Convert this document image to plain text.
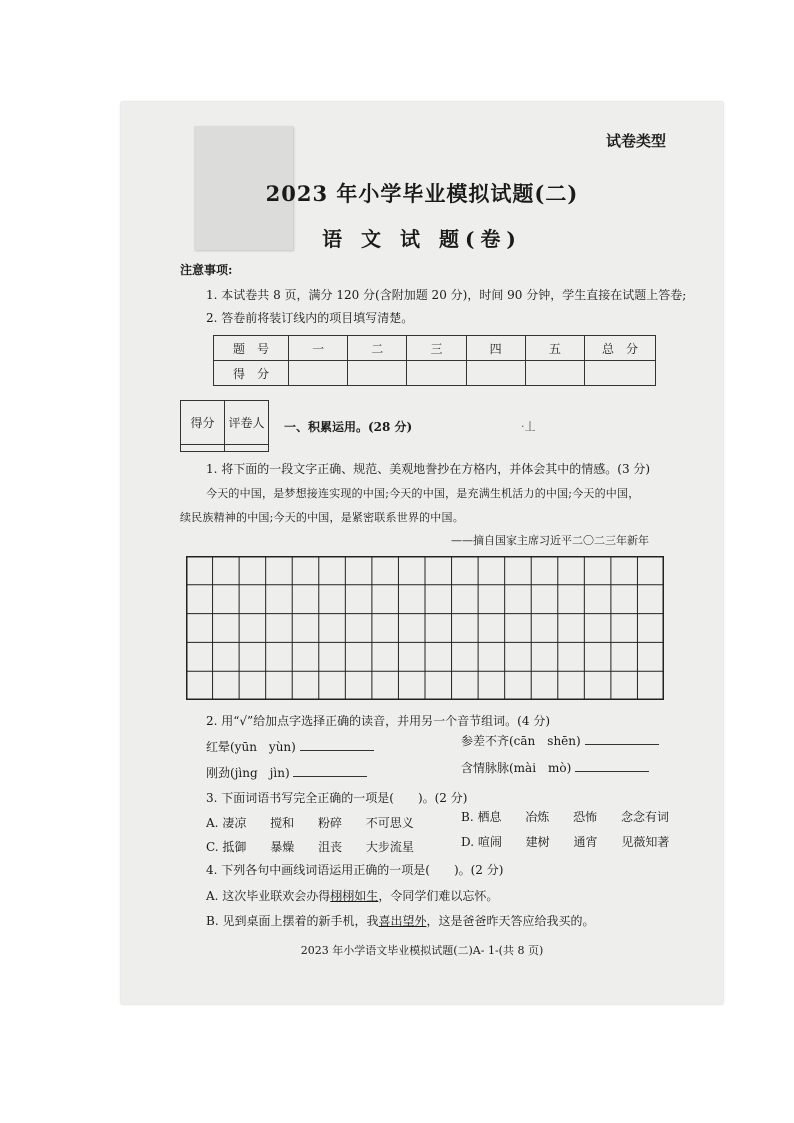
试卷类型
2023 年小学毕业模拟试题(二)
语 文 试 题(卷)
注意事项:
1. 本试卷共 8 页，满分 120 分(含附加题 20 分)，时间 90 分钟，学生直接在试题上答卷;
2. 答卷前将装订线内的项目填写清楚。
题　号	一	二	三	四	五	总　分
得　分						
得分	评卷人
	一、积累运用。(28 分)	·丄
1. 将下面的一段文字正确、规范、美观地誊抄在方格内，并体会其中的情感。(3 分)
今天的中国，是梦想接连实现的中国;今天的中国，是充满生机活力的中国;今天的中国，
续民族精神的中国;今天的中国，是紧密联系世界的中国。
——摘自国家主席习近平二〇二三年新年
2. 用“√”给加点字选择正确的读音，并用另一个音节组词。(4 分)
红晕(yūn　yùn)	参差不齐(cān　shēn)
刚劲(jìng　jìn)	含情脉脉(mài　mò)
3. 下面词语书写完全正确的一项是(　　)。(2 分)
A. 凄凉 搅和 粉碎 不可思义	B. 栖息 冶炼 恐怖 念念有词
C. 抵御 暴燥 沮丧 大步流星	D. 喧闹 建树 通宵 见薇知著
4. 下列各句中画线词语运用正确的一项是(　　)。(2 分)
A. 这次毕业联欢会办得栩栩如生，令同学们难以忘怀。
B. 见到桌面上摆着的新手机，我喜出望外，这是爸爸昨天答应给我买的。
2023 年小学语文毕业模拟试题(二)A- 1-(共 8 页)
